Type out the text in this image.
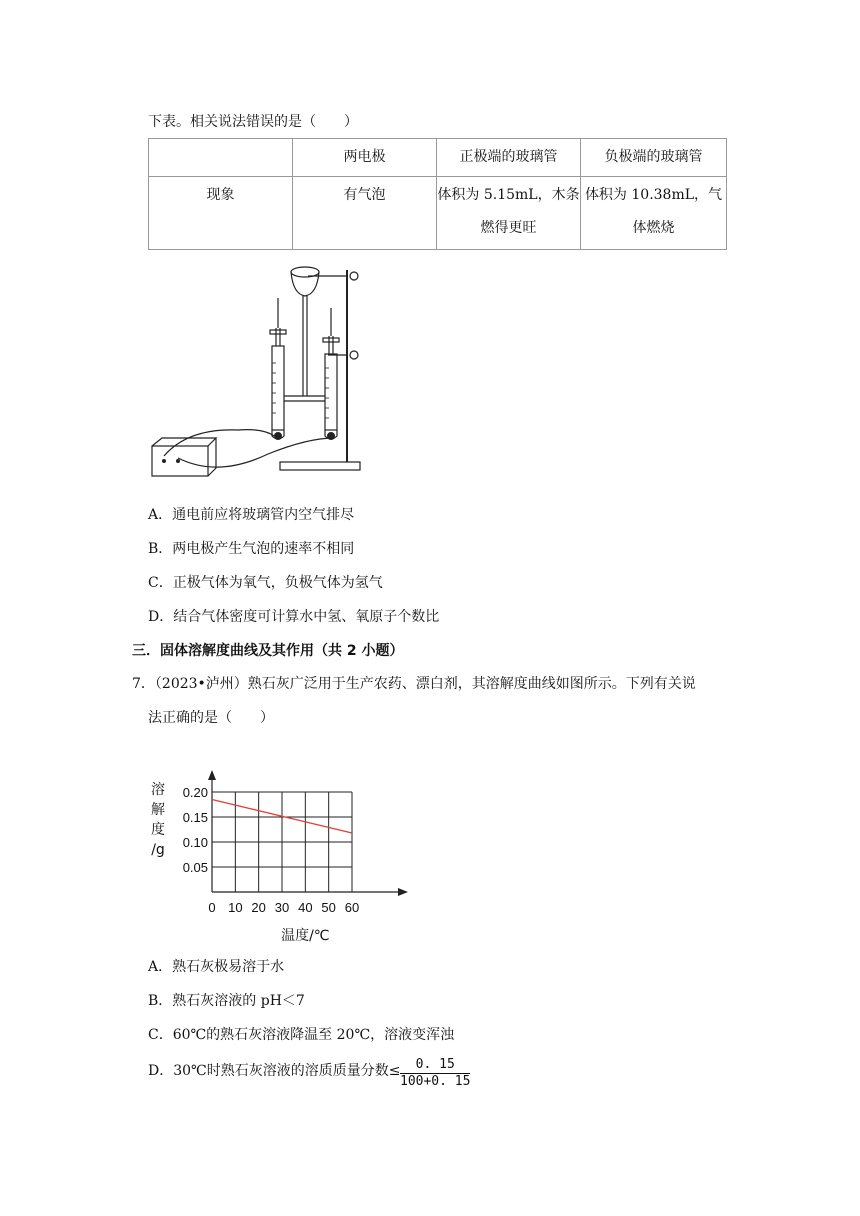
下表。相关说法错误的是（　　）
	两电极	正极端的玻璃管	负极端的玻璃管
现象	有气泡	体积为 5.15mL，木条燃得更旺	体积为 10.38mL，气体燃烧
A．通电前应将玻璃管内空气排尽
B．两电极产生气泡的速率不相同
C．正极气体为氧气，负极气体为氢气
D．结合气体密度可计算水中氢、氧原子个数比
三．固体溶解度曲线及其作用（共 2 小题）
7．（2023•泸州）熟石灰广泛用于生产农药、漂白剂，其溶解度曲线如图所示。下列有关说
法正确的是（　　）
0 10 20 30 40 50 60
0.05
0.10
0.15
0.20
溶
解
度
/g
温度/℃
A．熟石灰极易溶于水
B．熟石灰溶液的 pH＜7
C．60℃的熟石灰溶液降温至 20℃，溶液变浑浊
D．30℃时熟石灰溶液的溶质质量分数≤ $\frac{0. 15}{100+0. 15}$
